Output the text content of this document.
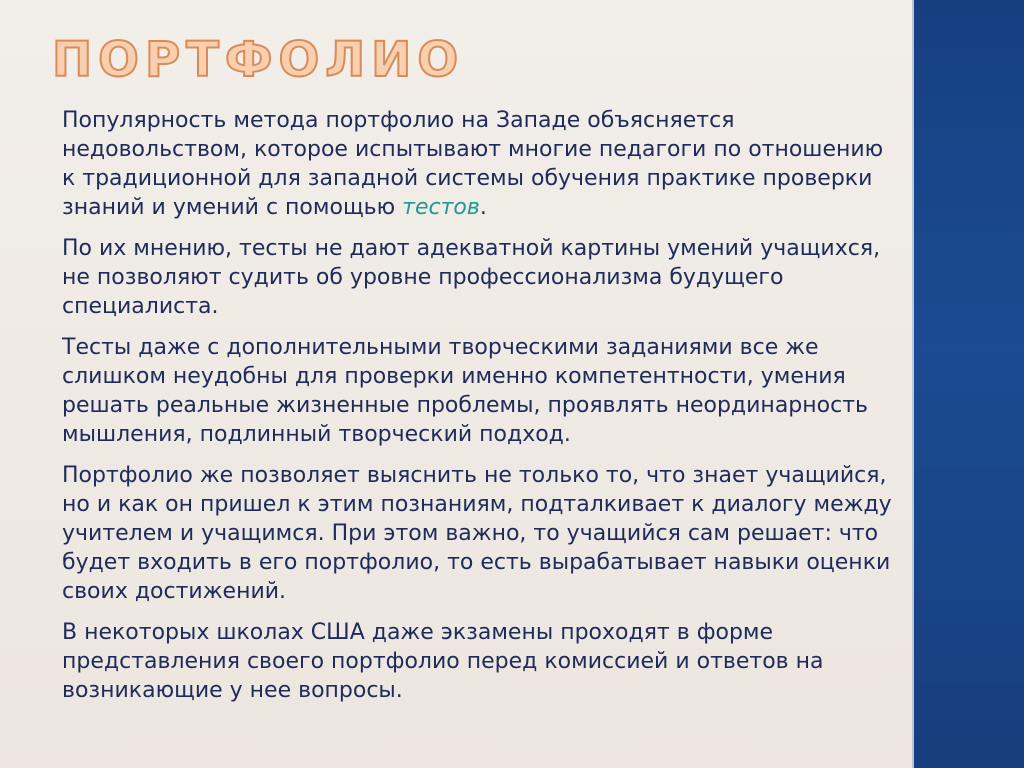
ПОРТФОЛИО

Популярность метода портфолио на Западе объясняется недовольством, которое испытывают многие педагоги по отношению к традиционной для западной системы обучения практике проверки знаний и умений с помощью тестов.

По их мнению, тесты не дают адекватной картины умений учащихся, не позволяют судить об уровне профессионализма будущего специалиста.

Тесты даже с дополнительными творческими заданиями все же слишком неудобны для проверки именно компетентности, умения решать реальные жизненные проблемы, проявлять неординарность мышления, подлинный творческий подход.

Портфолио же позволяет выяснить не только то, что знает учащийся, но и как он пришел к этим познаниям, подталкивает к диалогу между учителем и учащимся. При этом важно, то учащийся сам решает: что будет входить в его портфолио, то есть вырабатывает навыки оценки своих достижений.

В некоторых школах США даже экзамены проходят в форме представления своего портфолио перед комиссией и ответов на возникающие у нее вопросы.
